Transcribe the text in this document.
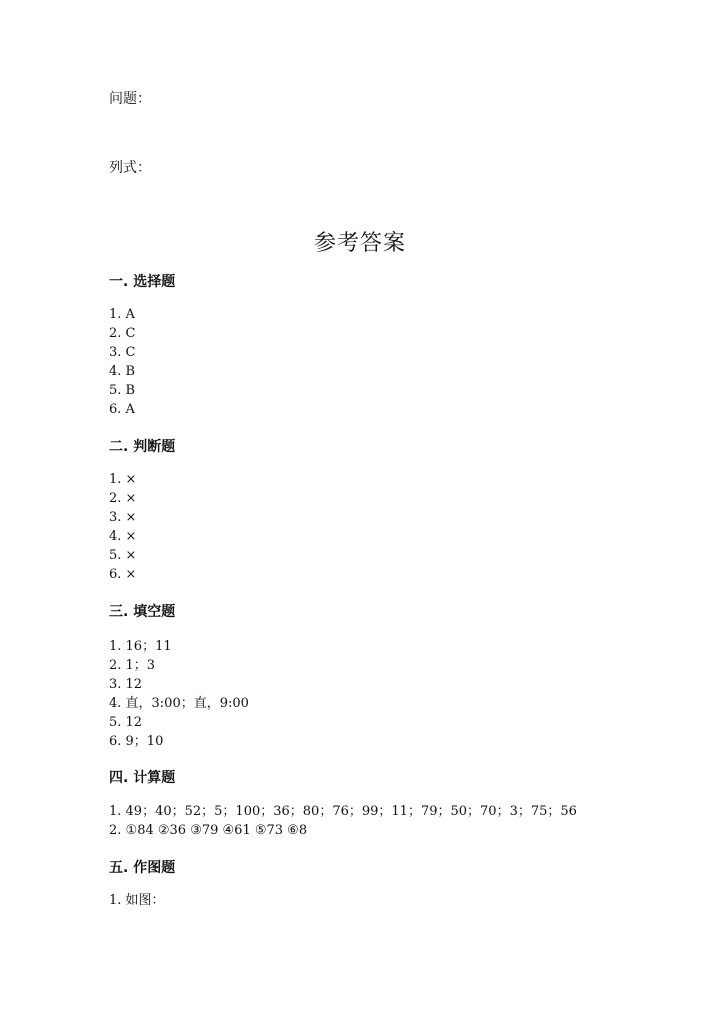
问题：
列式：
参考答案
一. 选择题
1. A
2. C
3. C
4. B
5. B
6. A
二. 判断题
1. ×
2. ×
3. ×
4. ×
5. ×
6. ×
三. 填空题
1. 16；11
2. 1；3
3. 12
4. 直，3:00；直，9:00
5. 12
6. 9；10
四. 计算题
1. 49；40；52；5；100；36；80；76；99；11；79；50；70；3；75；56
2. ①84 ②36 ③79 ④61 ⑤73 ⑥8
五. 作图题
1. 如图：
